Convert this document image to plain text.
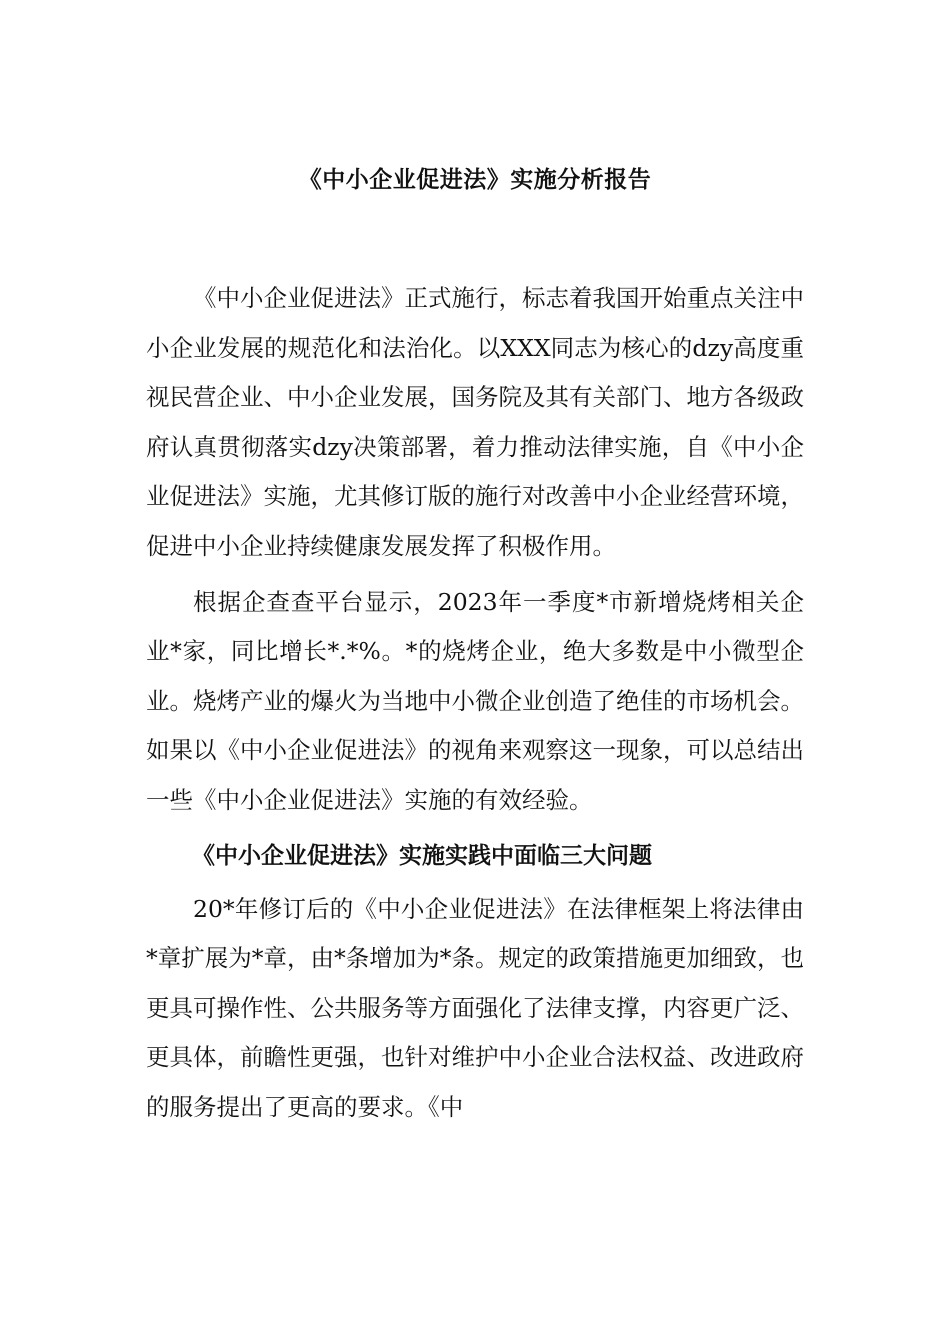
《中小企业促进法》实施分析报告

《中小企业促进法》正式施行，标志着我国开始重点关注中小企业发展的规范化和法治化。以XXX同志为核心的dzy高度重视民营企业、中小企业发展，国务院及其有关部门、地方各级政府认真贯彻落实dzy决策部署，着力推动法律实施，自《中小企业促进法》实施，尤其修订版的施行对改善中小企业经营环境，促进中小企业持续健康发展发挥了积极作用。

根据企查查平台显示，2023年一季度*市新增烧烤相关企业*家，同比增长*.*%。*的烧烤企业，绝大多数是中小微型企业。烧烤产业的爆火为当地中小微企业创造了绝佳的市场机会。如果以《中小企业促进法》的视角来观察这一现象，可以总结出一些《中小企业促进法》实施的有效经验。

《中小企业促进法》实施实践中面临三大问题

20*年修订后的《中小企业促进法》在法律框架上将法律由*章扩展为*章，由*条增加为*条。规定的政策措施更加细致，也更具可操作性、公共服务等方面强化了法律支撑，内容更广泛、更具体，前瞻性更强，也针对维护中小企业合法权益、改进政府的服务提出了更高的要求。《中
